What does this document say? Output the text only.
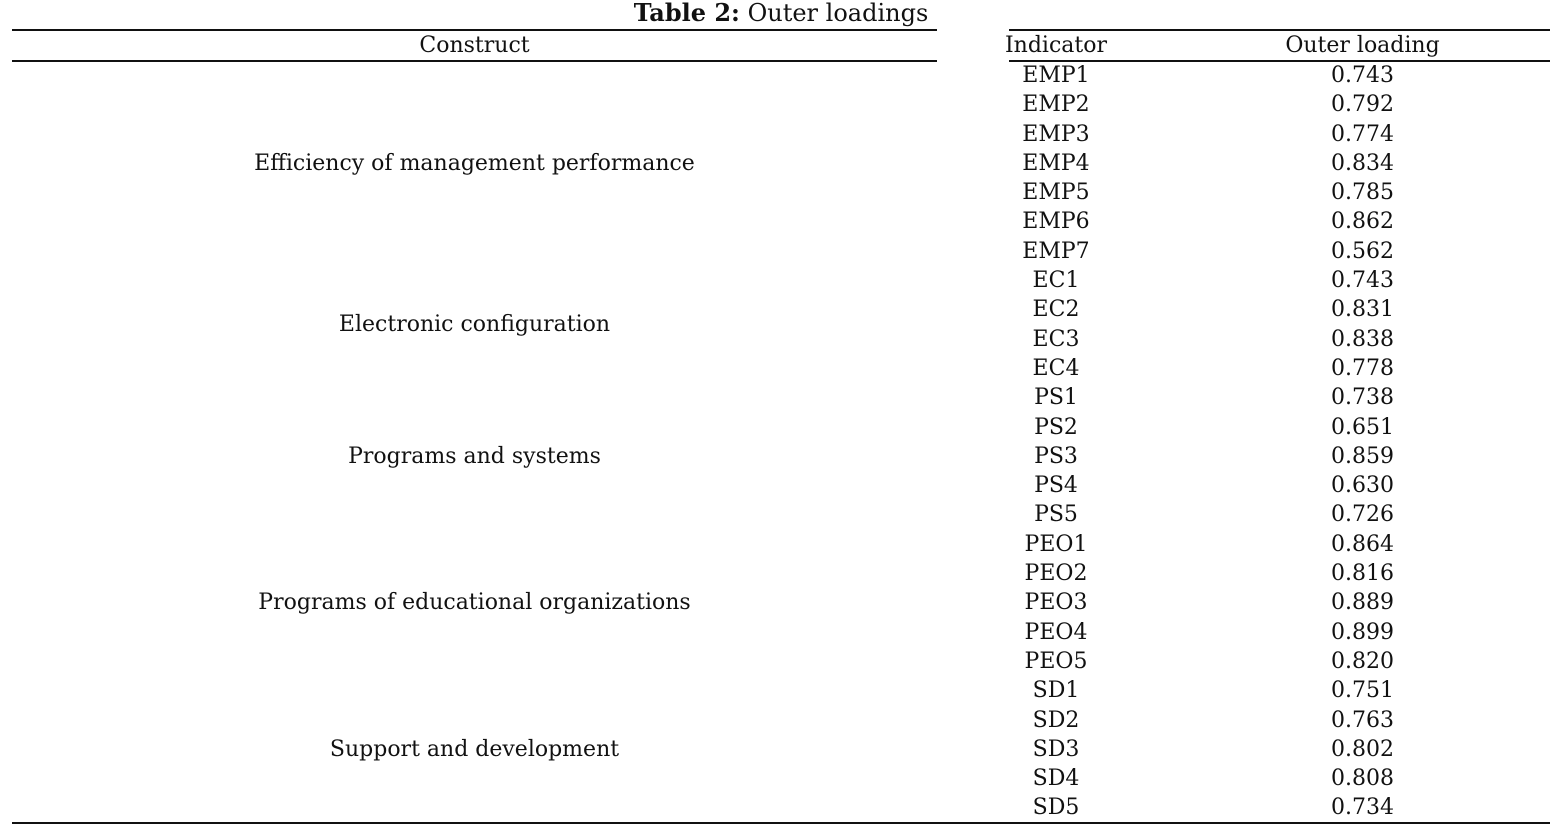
Table 2: Outer loadings
Construct	Indicator	Outer loading
Efficiency of management performance	EMP1	0.743
	EMP2	0.792
	EMP3	0.774
	EMP4	0.834
	EMP5	0.785
	EMP6	0.862
	EMP7	0.562
Electronic configuration	EC1	0.743
	EC2	0.831
	EC3	0.838
	EC4	0.778
Programs and systems	PS1	0.738
	PS2	0.651
	PS3	0.859
	PS4	0.630
	PS5	0.726
Programs of educational organizations	PEO1	0.864
	PEO2	0.816
	PEO3	0.889
	PEO4	0.899
	PEO5	0.820
Support and development	SD1	0.751
	SD2	0.763
	SD3	0.802
	SD4	0.808
	SD5	0.734
